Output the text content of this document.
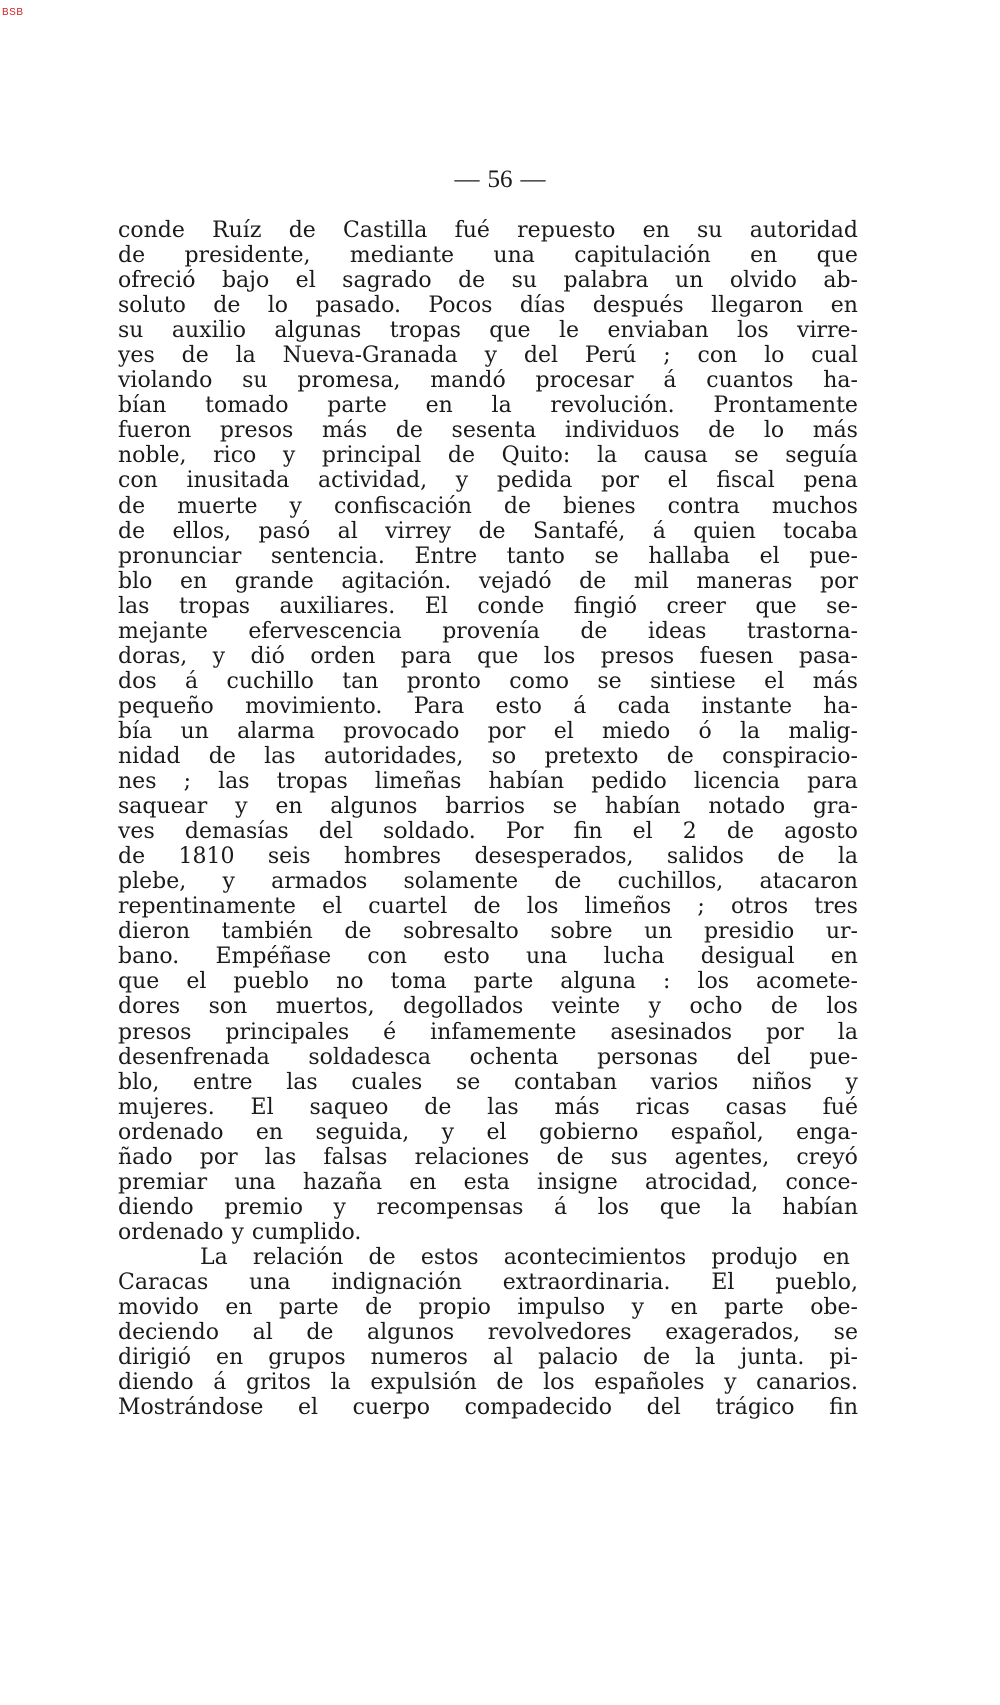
BSB
— 56 —
conde Ruíz de Castilla fué repuesto en su autoridad
de presidente, mediante una capitulación en que
ofreció bajo el sagrado de su palabra un olvido ab-
soluto de lo pasado. Pocos días después llegaron en
su auxilio algunas tropas que le enviaban los virre-
yes de la Nueva-Granada y del Perú ; con lo cual
violando su promesa, mandó procesar á cuantos ha-
bían tomado parte en la revolución. Prontamente
fueron presos más de sesenta individuos de lo más
noble, rico y principal de Quito: la causa se seguía
con inusitada actividad, y pedida por el fiscal pena
de muerte y confiscación de bienes contra muchos
de ellos, pasó al virrey de Santafé, á quien tocaba
pronunciar sentencia. Entre tanto se hallaba el pue-
blo en grande agitación. vejadó de mil maneras por
las tropas auxiliares. El conde fingió creer que se-
mejante efervescencia provenía de ideas trastorna-
doras, y dió orden para que los presos fuesen pasa-
dos á cuchillo tan pronto como se sintiese el más
pequeño movimiento. Para esto á cada instante ha-
bía un alarma provocado por el miedo ó la malig-
nidad de las autoridades, so pretexto de conspiracio-
nes ; las tropas limeñas habían pedido licencia para
saquear y en algunos barrios se habían notado gra-
ves demasías del soldado. Por fin el 2 de agosto
de 1810 seis hombres desesperados, salidos de la
plebe, y armados solamente de cuchillos, atacaron
repentinamente el cuartel de los limeños ; otros tres
dieron también de sobresalto sobre un presidio ur-
bano. Empéñase con esto una lucha desigual en
que el pueblo no toma parte alguna : los acomete-
dores son muertos, degollados veinte y ocho de los
presos principales é infamemente asesinados por la
desenfrenada soldadesca ochenta personas del pue-
blo, entre las cuales se contaban varios niños y
mujeres. El saqueo de las más ricas casas fué
ordenado en seguida, y el gobierno español, enga-
ñado por las falsas relaciones de sus agentes, creyó
premiar una hazaña en esta insigne atrocidad, conce-
diendo premio y recompensas á los que la habían
ordenado y cumplido.
La relación de estos acontecimientos produjo en
Caracas una indignación extraordinaria. El pueblo,
movido en parte de propio impulso y en parte obe-
deciendo al de algunos revolvedores exagerados, se
dirigió en grupos numeros al palacio de la junta. pi-
diendo á gritos la expulsión de los españoles y canarios.
Mostrándose el cuerpo compadecido del trágico fin
